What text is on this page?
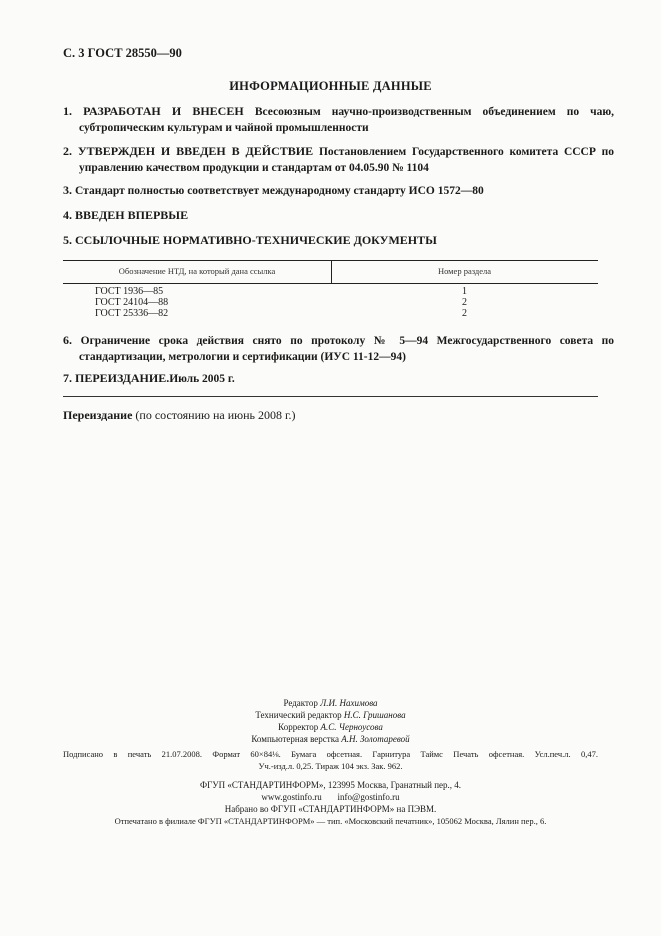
С. 3 ГОСТ 28550—90
ИНФОРМАЦИОННЫЕ ДАННЫЕ
1. РАЗРАБОТАН И ВНЕСЕН Всесоюзным научно-производственным объединением по чаю, субтропическим культурам и чайной промышленности
2. УТВЕРЖДЕН И ВВЕДЕН В ДЕЙСТВИЕ Постановлением Государственного комитета СССР по управлению качеством продукции и стандартам от 04.05.90 № 1104
3. Стандарт полностью соответствует международному стандарту ИСО 1572—80
4. ВВЕДЕН ВПЕРВЫЕ
5. ССЫЛОЧНЫЕ НОРМАТИВНО-ТЕХНИЧЕСКИЕ ДОКУМЕНТЫ
Обозначение НТД, на который дана ссылка	Номер раздела
ГОСТ 1936—85	1
ГОСТ 24104—88	2
ГОСТ 25336—82	2
6. Ограничение срока действия снято по протоколу № 5—94 Межгосударственного совета по стандартизации, метрологии и сертификации (ИУС 11-12—94)
7. ПЕРЕИЗДАНИЕ.Июль 2005 г.
Переиздание (по состоянию на июнь 2008 г.)
Редактор Л.И. Нахимова
Технический редактор Н.С. Гришанова
Корректор А.С. Черноусова
Компьютерная верстка А.Н. Золотаревой
Подписано в печать 21.07.2008. Формат 60×84⅛. Бумага офсетная. Гарнитура Таймс Печать офсетная. Усл.печ.л. 0,47.
Уч.-изд.л. 0,25. Тираж 104 экз. Зак. 962.
ФГУП «СТАНДАРТИНФОРМ», 123995 Москва, Гранатный пер., 4.
www.gostinfo.ru       info@gostinfo.ru
Набрано во ФГУП «СТАНДАРТИНФОРМ» на ПЭВМ.
Отпечатано в филиале ФГУП «СТАНДАРТИНФОРМ» — тип. «Московский печатник», 105062 Москва, Лялин пер., 6.
